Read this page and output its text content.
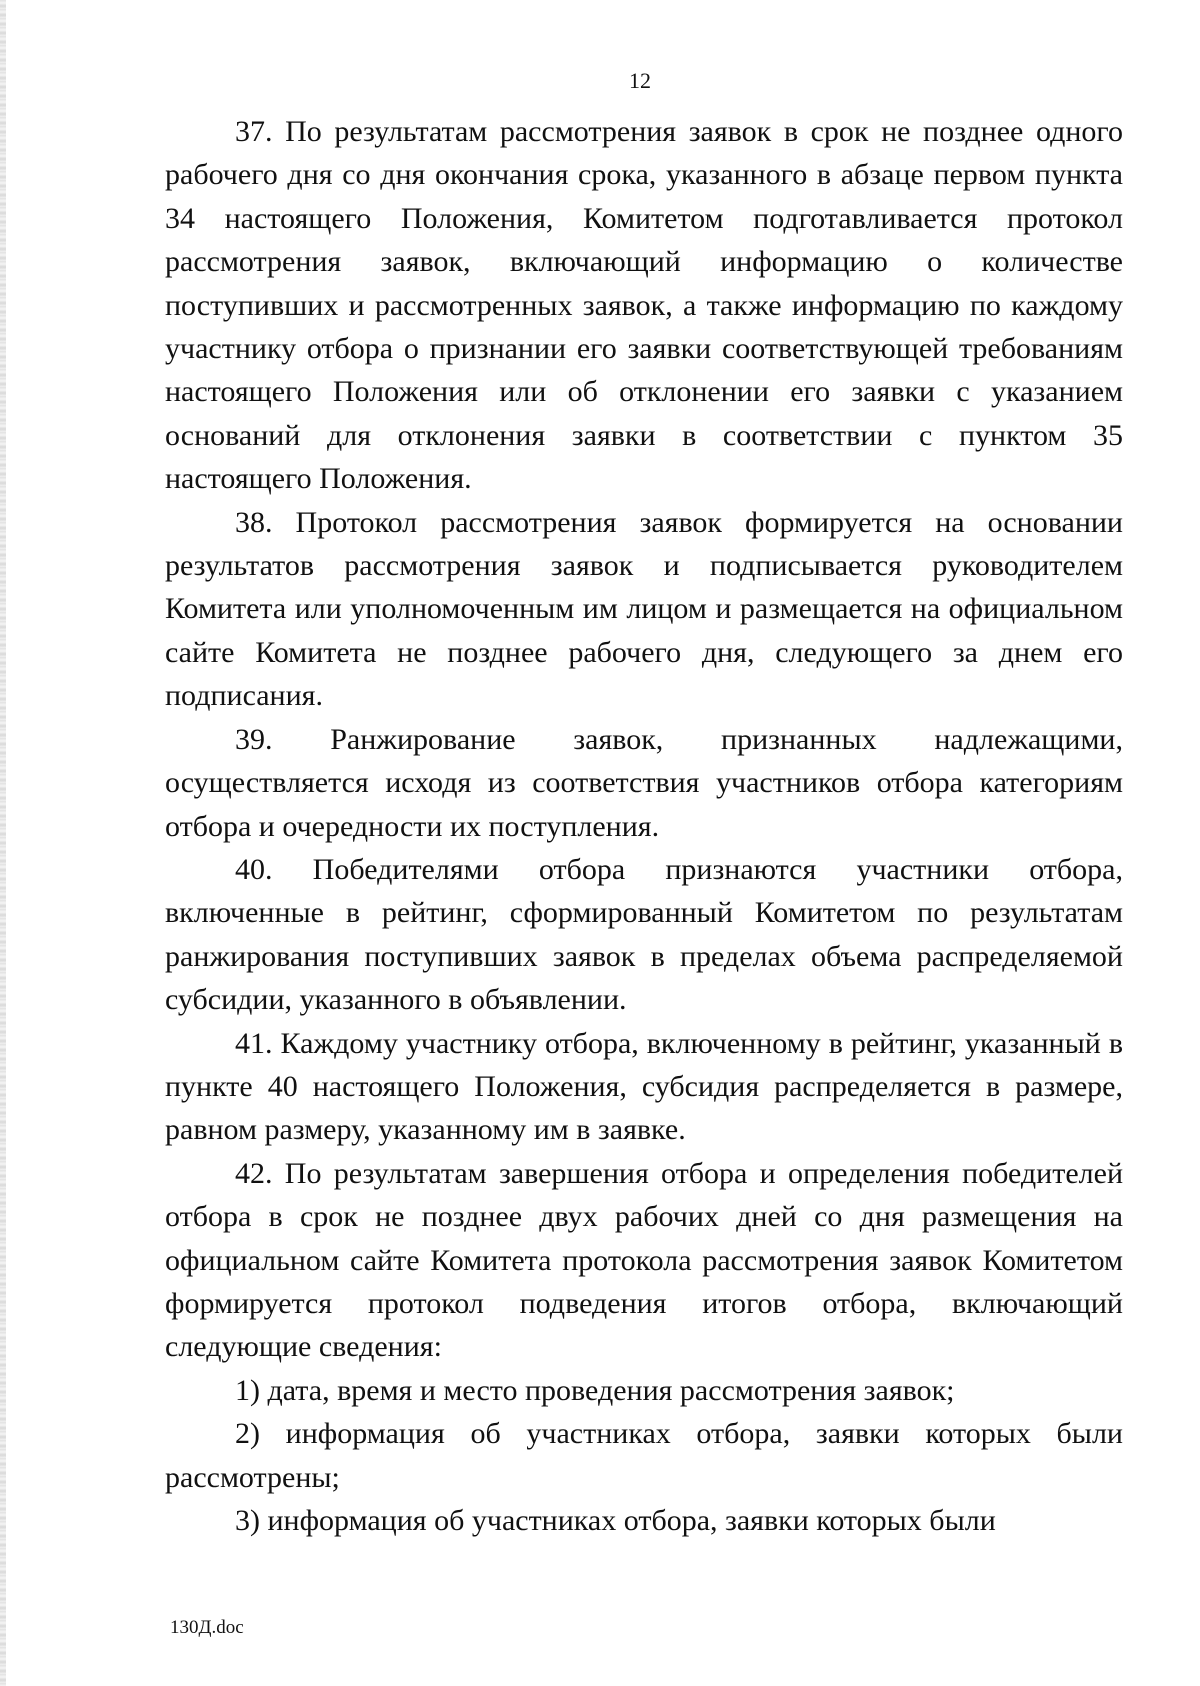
12

37. По результатам рассмотрения заявок в срок не позднее одного рабочего дня со дня окончания срока, указанного в абзаце первом пункта 34 настоящего Положения, Комитетом подготавливается протокол рассмотрения заявок, включающий информацию о количестве поступивших и рассмотренных заявок, а также информацию по каждому участнику отбора о признании его заявки соответствующей требованиям настоящего Положения или об отклонении его заявки с указанием оснований для отклонения заявки в соответствии с пунктом 35 настоящего Положения.

38. Протокол рассмотрения заявок формируется на основании результатов рассмотрения заявок и подписывается руководителем Комитета или уполномоченным им лицом и размещается на официальном сайте Комитета не позднее рабочего дня, следующего за днем его подписания.

39. Ранжирование заявок, признанных надлежащими, осуществляется исходя из соответствия участников отбора категориям отбора и очередности их поступления.

40. Победителями отбора признаются участники отбора, включенные в рейтинг, сформированный Комитетом по результатам ранжирования поступивших заявок в пределах объема распределяемой субсидии, указанного в объявлении.

41. Каждому участнику отбора, включенному в рейтинг, указанный в пункте 40 настоящего Положения, субсидия распределяется в размере, равном размеру, указанному им в заявке.

42. По результатам завершения отбора и определения победителей отбора в срок не позднее двух рабочих дней со дня размещения на официальном сайте Комитета протокола рассмотрения заявок Комитетом формируется протокол подведения итогов отбора, включающий следующие сведения:

1) дата, время и место проведения рассмотрения заявок;

2) информация об участниках отбора, заявки которых были рассмотрены;

3) информация об участниках отбора, заявки которых были

130Д.doc
